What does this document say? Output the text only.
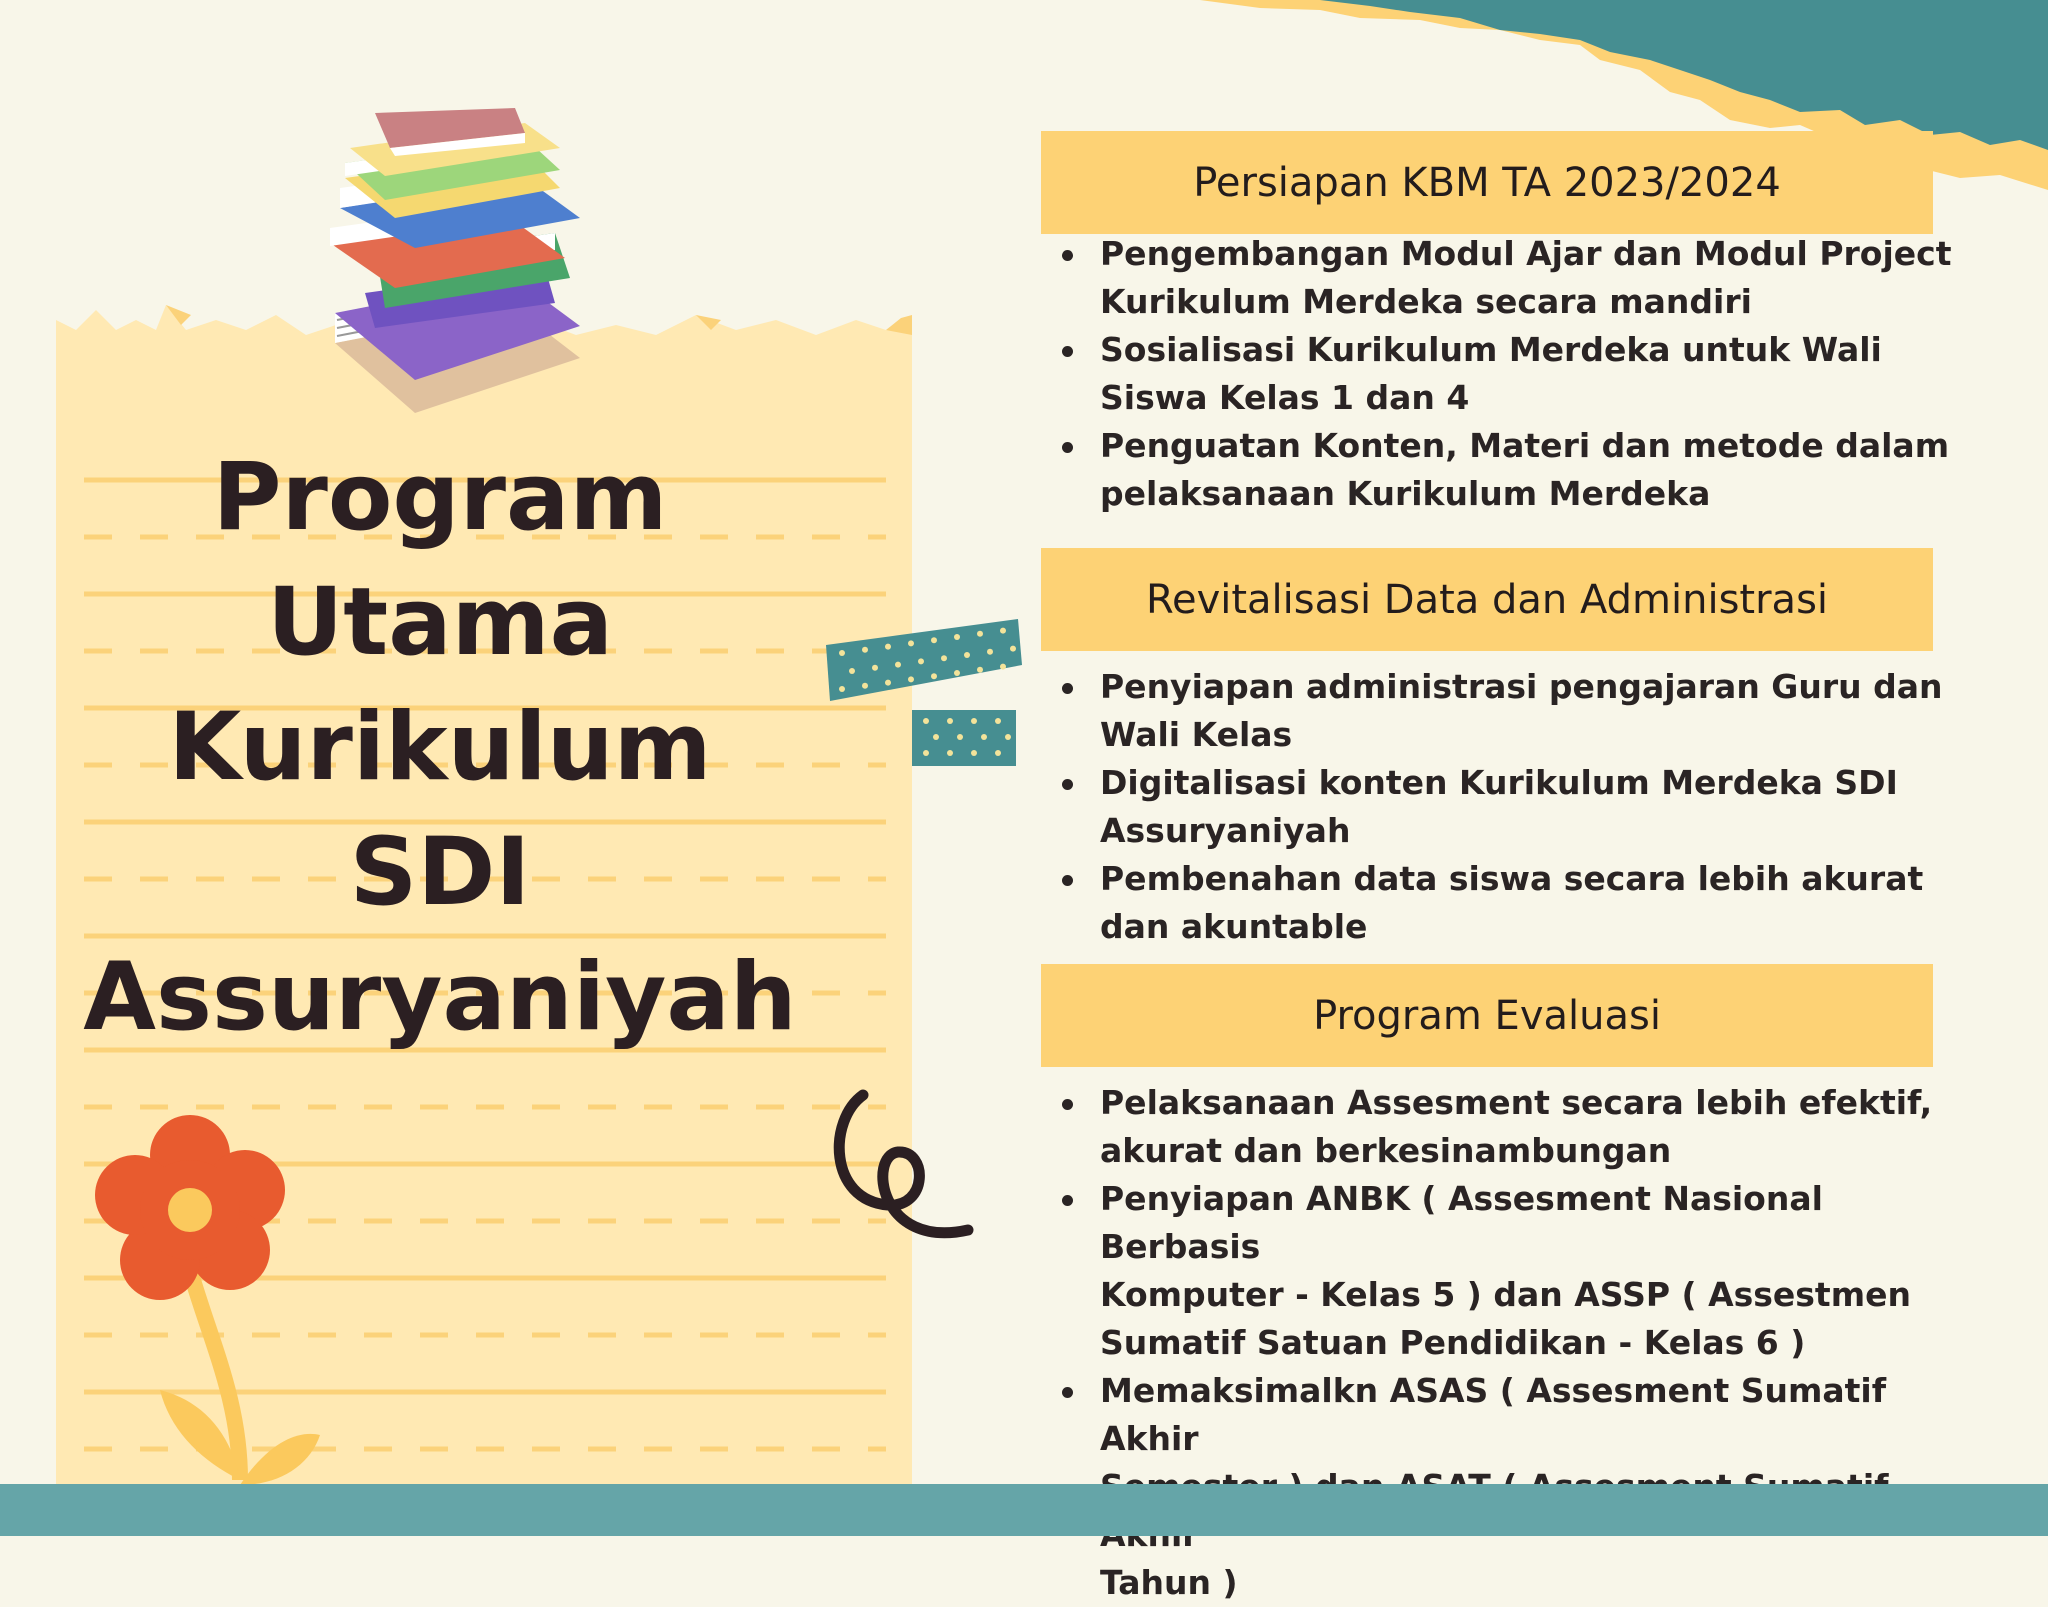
Program
Utama
Kurikulum
SDI
Assuryaniyah
Persiapan KBM TA 2023/2024
Pengembangan Modul Ajar dan Modul Project
Kurikulum Merdeka secara mandiri
Sosialisasi Kurikulum Merdeka untuk Wali
Siswa Kelas 1 dan 4
Penguatan Konten, Materi dan metode dalam
pelaksanaan Kurikulum Merdeka
Revitalisasi Data dan Administrasi
Penyiapan administrasi pengajaran Guru dan
Wali Kelas
Digitalisasi konten Kurikulum Merdeka SDI
Assuryaniyah
Pembenahan data siswa secara lebih akurat
dan akuntable
Program Evaluasi
Pelaksanaan Assesment secara lebih efektif,
akurat dan berkesinambungan
Penyiapan ANBK ( Assesment Nasional Berbasis
Komputer - Kelas 5 ) dan ASSP ( Assestmen
Sumatif Satuan Pendidikan - Kelas 6 )
Memaksimalkn ASAS ( Assesment Sumatif Akhir

Tahun )
